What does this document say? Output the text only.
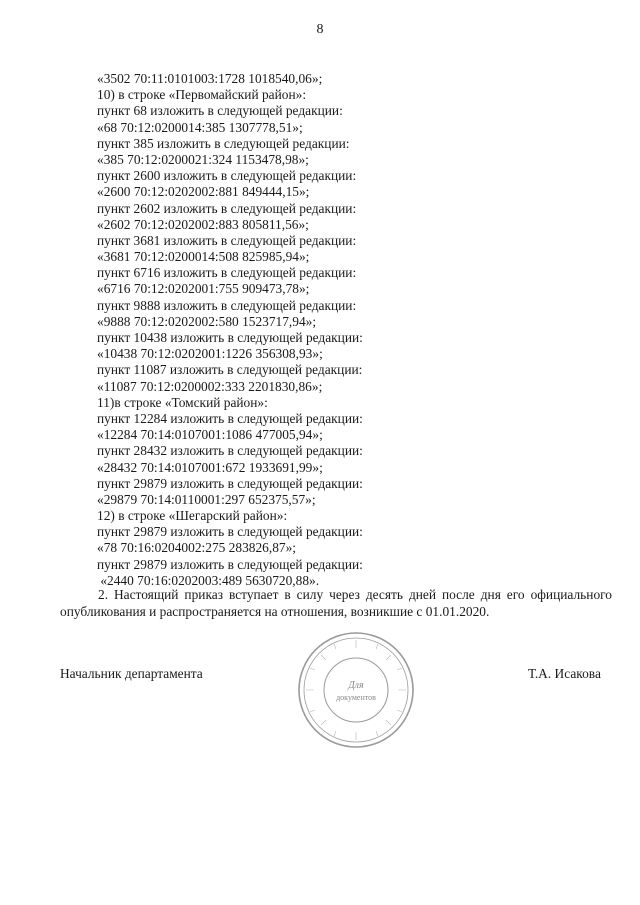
8
«3502 70:11:0101003:1728 1018540,06»;
10) в строке «Первомайский район»:
пункт 68 изложить в следующей редакции:
«68 70:12:0200014:385 1307778,51»;
пункт 385 изложить в следующей редакции:
«385 70:12:0200021:324 1153478,98»;
пункт 2600 изложить в следующей редакции:
«2600 70:12:0202002:881 849444,15»;
пункт 2602 изложить в следующей редакции:
«2602 70:12:0202002:883 805811,56»;
пункт 3681 изложить в следующей редакции:
«3681 70:12:0200014:508 825985,94»;
пункт 6716 изложить в следующей редакции:
«6716 70:12:0202001:755 909473,78»;
пункт 9888 изложить в следующей редакции:
«9888 70:12:0202002:580 1523717,94»;
пункт 10438 изложить в следующей редакции:
«10438 70:12:0202001:1226 356308,93»;
пункт 11087 изложить в следующей редакции:
«11087 70:12:0200002:333 2201830,86»;
11)в строке «Томский район»:
пункт 12284 изложить в следующей редакции:
«12284 70:14:0107001:1086 477005,94»;
пункт 28432 изложить в следующей редакции:
«28432 70:14:0107001:672 1933691,99»;
пункт 29879 изложить в следующей редакции:
«29879 70:14:0110001:297 652375,57»;
12) в строке «Шегарский район»:
пункт 29879 изложить в следующей редакции:
«78 70:16:0204002:275 283826,87»;
пункт 29879 изложить в следующей редакции:
«2440 70:16:0202003:489 5630720,88».
2. Настоящий приказ вступает в силу через десять дней после дня его официального опубликования и распространяется на отношения, возникшие с 01.01.2020.
Начальник департамента
Для
документов
Т.А. Исакова
